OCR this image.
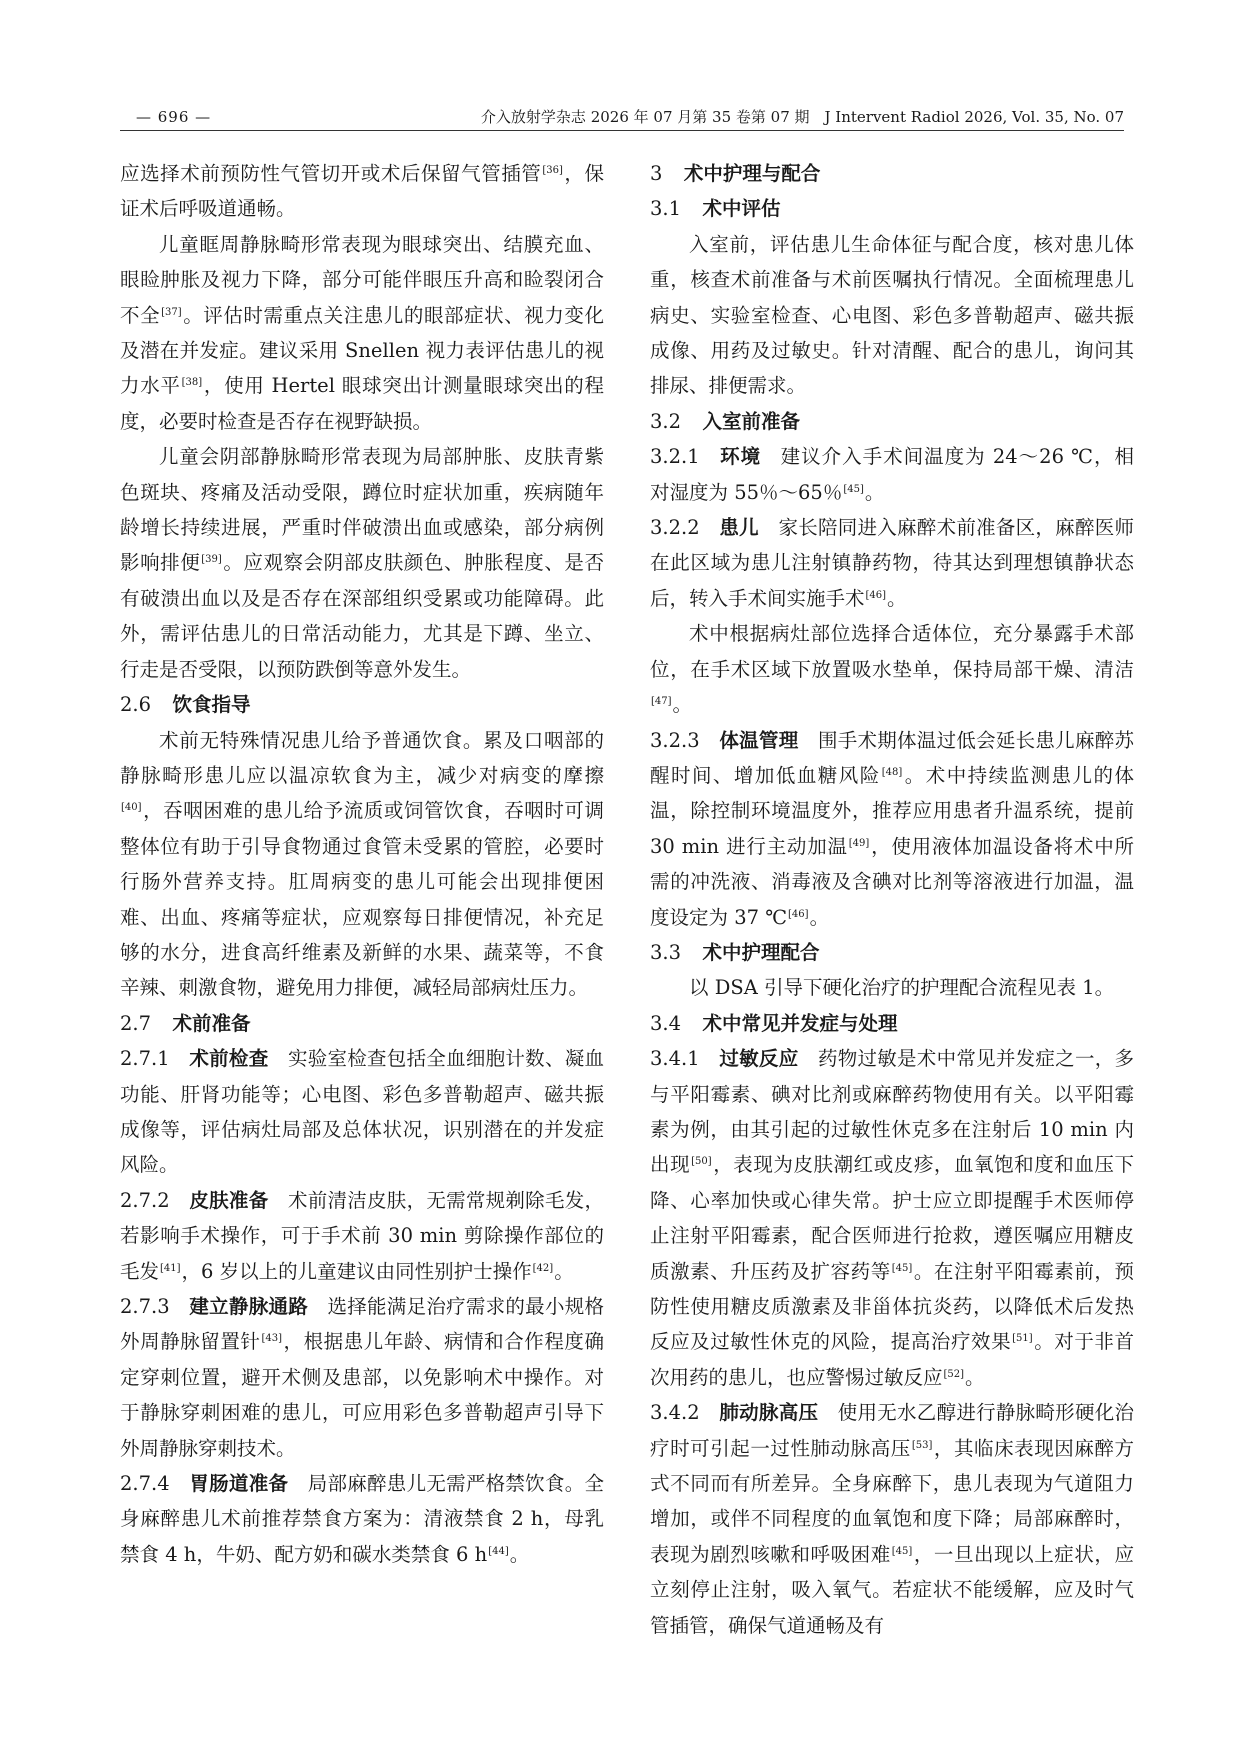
— 696 —	介入放射学杂志 2026 年 07 月第 35 卷第 07 期　J Intervent Radiol 2026, Vol. 35, No. 07
应选择术前预防性气管切开或术后保留气管插管[36]，保证术后呼吸道通畅。
儿童眶周静脉畸形常表现为眼球突出、结膜充血、眼睑肿胀及视力下降，部分可能伴眼压升高和睑裂闭合不全[37]。评估时需重点关注患儿的眼部症状、视力变化及潜在并发症。建议采用 Snellen 视力表评估患儿的视力水平[38]，使用 Hertel 眼球突出计测量眼球突出的程度，必要时检查是否存在视野缺损。
儿童会阴部静脉畸形常表现为局部肿胀、皮肤青紫色斑块、疼痛及活动受限，蹲位时症状加重，疾病随年龄增长持续进展，严重时伴破溃出血或感染，部分病例影响排便[39]。应观察会阴部皮肤颜色、肿胀程度、是否有破溃出血以及是否存在深部组织受累或功能障碍。此外，需评估患儿的日常活动能力，尤其是下蹲、坐立、行走是否受限，以预防跌倒等意外发生。
2.6 饮食指导
术前无特殊情况患儿给予普通饮食。累及口咽部的静脉畸形患儿应以温凉软食为主，减少对病变的摩擦[40]，吞咽困难的患儿给予流质或饲管饮食，吞咽时可调整体位有助于引导食物通过食管未受累的管腔，必要时行肠外营养支持。肛周病变的患儿可能会出现排便困难、出血、疼痛等症状，应观察每日排便情况，补充足够的水分，进食高纤维素及新鲜的水果、蔬菜等，不食辛辣、刺激食物，避免用力排便，减轻局部病灶压力。
2.7 术前准备
2.7.1 术前检查 实验室检查包括全血细胞计数、凝血功能、肝肾功能等；心电图、彩色多普勒超声、磁共振成像等，评估病灶局部及总体状况，识别潜在的并发症风险。
2.7.2 皮肤准备 术前清洁皮肤，无需常规剃除毛发，若影响手术操作，可于手术前 30 min 剪除操作部位的毛发[41]，6 岁以上的儿童建议由同性别护士操作[42]。
2.7.3 建立静脉通路 选择能满足治疗需求的最小规格外周静脉留置针[43]，根据患儿年龄、病情和合作程度确定穿刺位置，避开术侧及患部，以免影响术中操作。对于静脉穿刺困难的患儿，可应用彩色多普勒超声引导下外周静脉穿刺技术。
2.7.4 胃肠道准备 局部麻醉患儿无需严格禁饮食。全身麻醉患儿术前推荐禁食方案为：清液禁食 2 h，母乳禁食 4 h，牛奶、配方奶和碳水类禁食 6 h[44]。
3 术中护理与配合
3.1 术中评估
入室前，评估患儿生命体征与配合度，核对患儿体重，核查术前准备与术前医嘱执行情况。全面梳理患儿病史、实验室检查、心电图、彩色多普勒超声、磁共振成像、用药及过敏史。针对清醒、配合的患儿，询问其排尿、排便需求。
3.2 入室前准备
3.2.1 环境 建议介入手术间温度为 24～26 ℃，相对湿度为 55％～65％[45]。
3.2.2 患儿 家长陪同进入麻醉术前准备区，麻醉医师在此区域为患儿注射镇静药物，待其达到理想镇静状态后，转入手术间实施手术[46]。
术中根据病灶部位选择合适体位，充分暴露手术部位，在手术区域下放置吸水垫单，保持局部干燥、清洁[47]。
3.2.3 体温管理 围手术期体温过低会延长患儿麻醉苏醒时间、增加低血糖风险[48]。术中持续监测患儿的体温，除控制环境温度外，推荐应用患者升温系统，提前 30 min 进行主动加温[49]，使用液体加温设备将术中所需的冲洗液、消毒液及含碘对比剂等溶液进行加温，温度设定为 37 ℃[46]。
3.3 术中护理配合
以 DSA 引导下硬化治疗的护理配合流程见表 1。
3.4 术中常见并发症与处理
3.4.1 过敏反应 药物过敏是术中常见并发症之一，多与平阳霉素、碘对比剂或麻醉药物使用有关。以平阳霉素为例，由其引起的过敏性休克多在注射后 10 min 内出现[50]，表现为皮肤潮红或皮疹，血氧饱和度和血压下降、心率加快或心律失常。护士应立即提醒手术医师停止注射平阳霉素，配合医师进行抢救，遵医嘱应用糖皮质激素、升压药及扩容药等[45]。在注射平阳霉素前，预防性使用糖皮质激素及非甾体抗炎药，以降低术后发热反应及过敏性休克的风险，提高治疗效果[51]。对于非首次用药的患儿，也应警惕过敏反应[52]。
3.4.2 肺动脉高压 使用无水乙醇进行静脉畸形硬化治疗时可引起一过性肺动脉高压[53]，其临床表现因麻醉方式不同而有所差异。全身麻醉下，患儿表现为气道阻力增加，或伴不同程度的血氧饱和度下降；局部麻醉时，表现为剧烈咳嗽和呼吸困难[45]，一旦出现以上症状，应立刻停止注射，吸入氧气。若症状不能缓解，应及时气管插管，确保气道通畅及有
